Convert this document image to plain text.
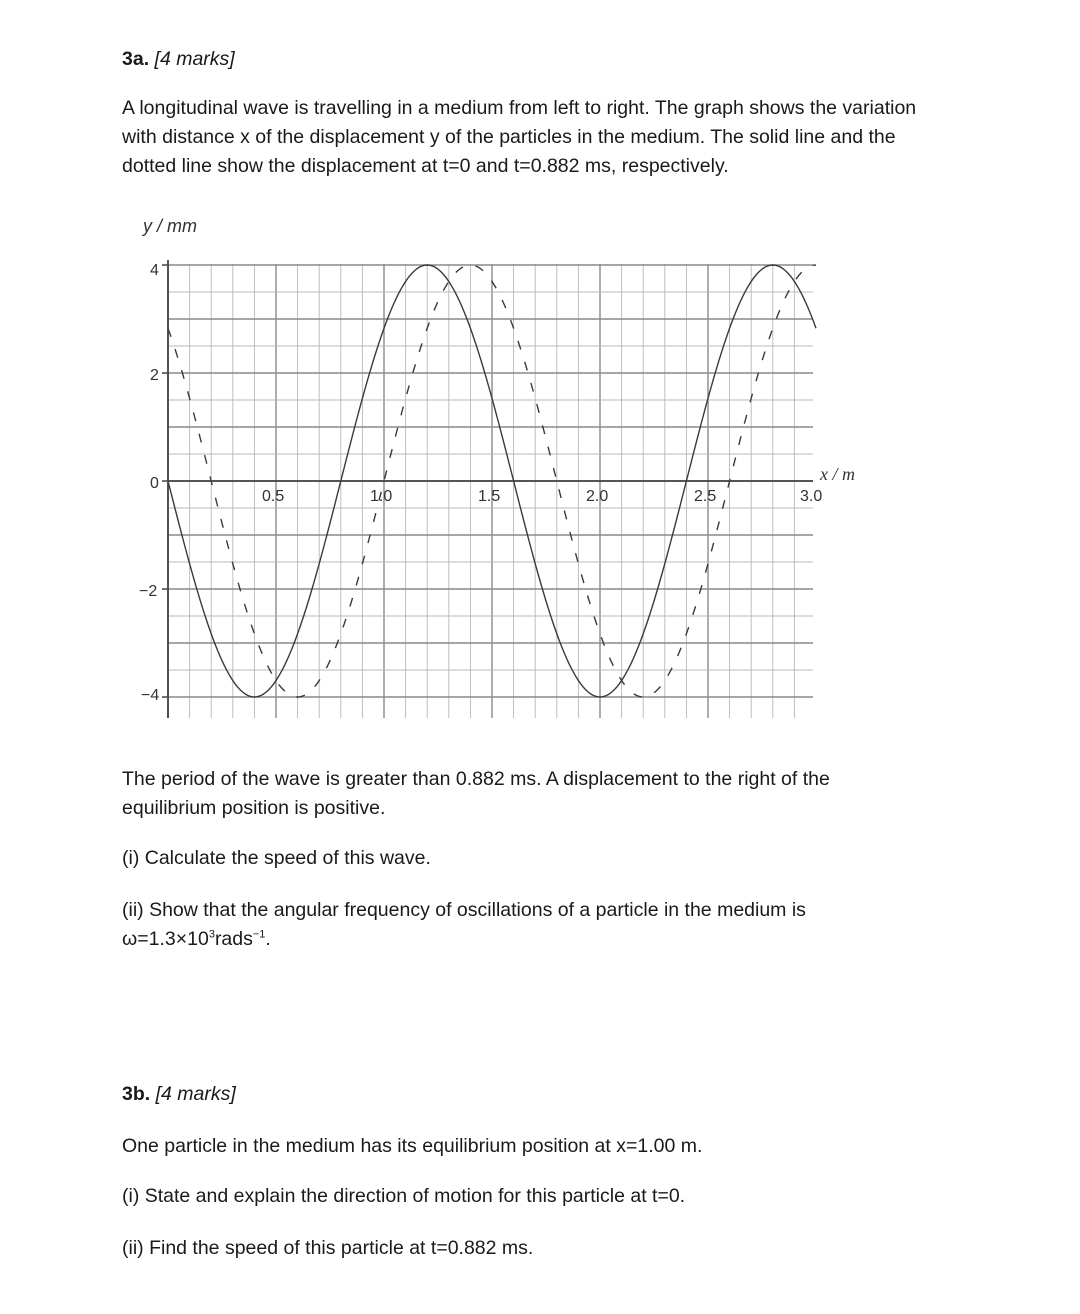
3a. [4 marks]

A longitudinal wave is travelling in a medium from left to right. The graph shows the variation

with distance x of the displacement y of the particles in the medium. The solid line and the

dotted line show the displacement at t=0 and t=0.882 ms, respectively.

y / mm
x / m
4
2
0
−2
−4
0.5	1.0	1.5	2.0	2.5	3.0

The period of the wave is greater than 0.882 ms. A displacement to the right of the

equilibrium position is positive.

(i) Calculate the speed of this wave.

(ii) Show that the angular frequency of oscillations of a particle in the medium is

$\omega=1.3\times 10^3rads^{-1}$.

3b. [4 marks]

One particle in the medium has its equilibrium position at x=1.00 m.

(i) State and explain the direction of motion for this particle at t=0.

(ii) Find the speed of this particle at t=0.882 ms.
